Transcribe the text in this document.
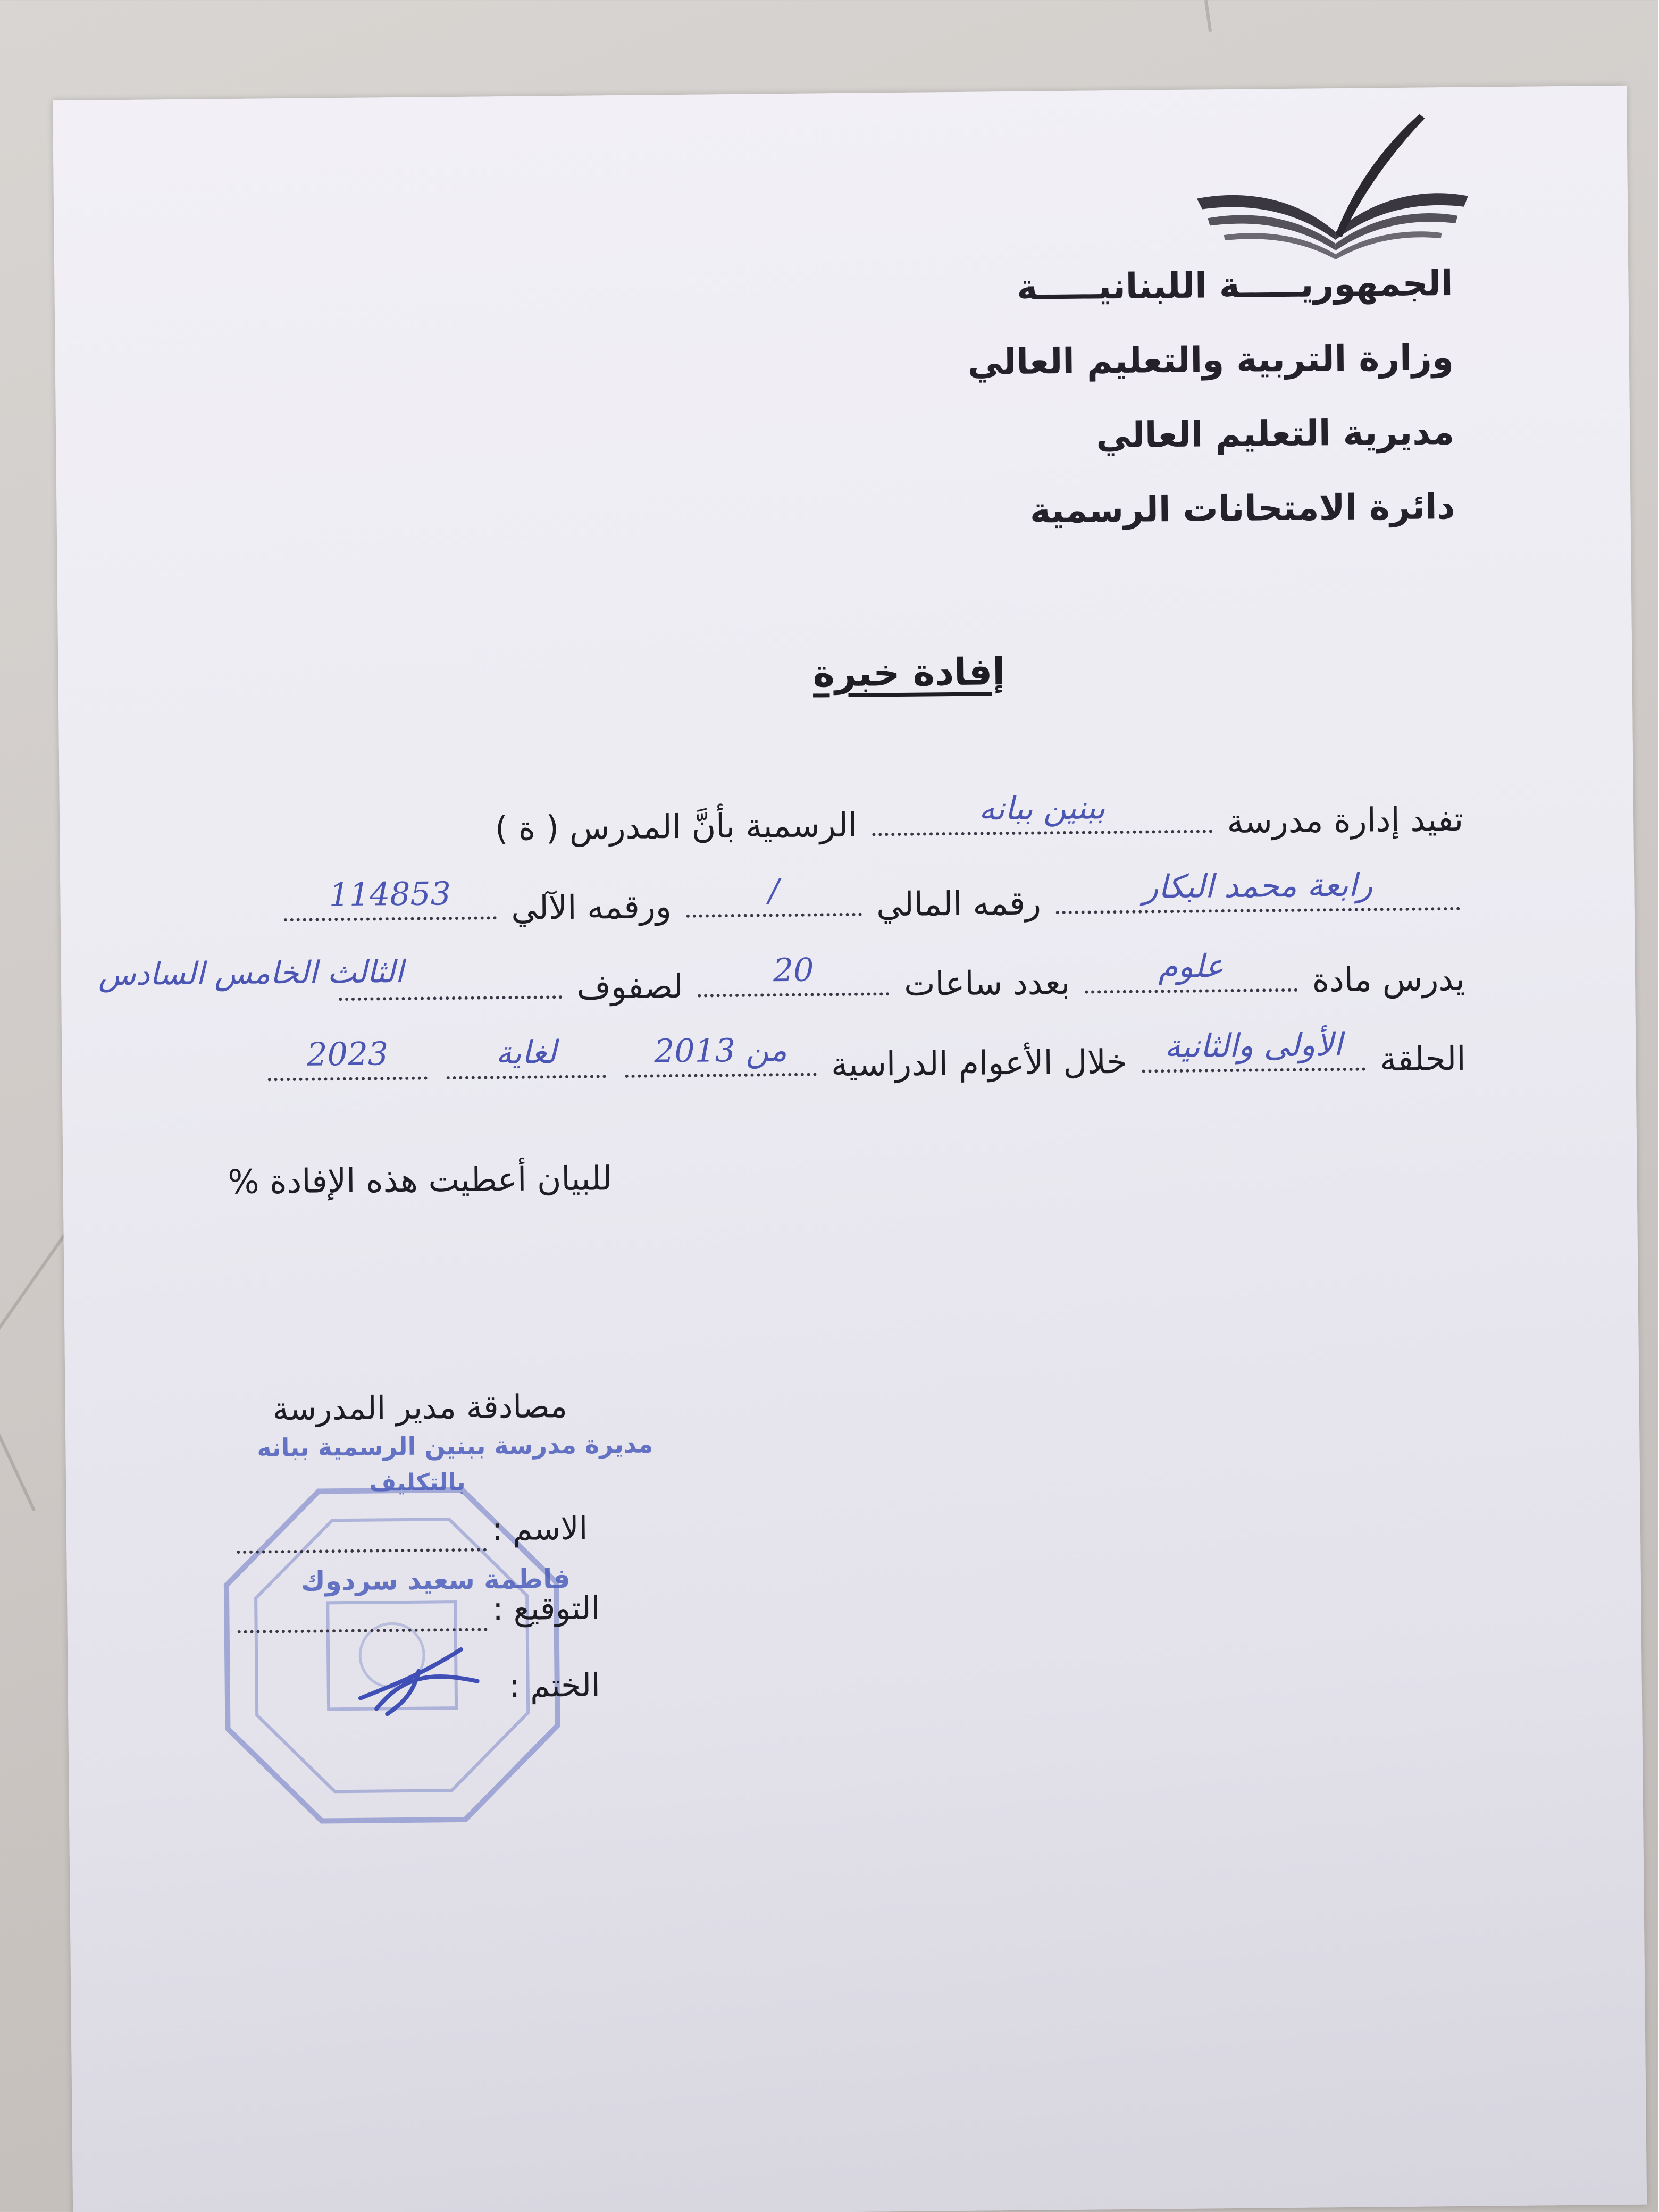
الجمهوريـــــة اللبنانيـــــة
وزارة التربية والتعليم العالي
مديرية التعليم العالي
دائرة الامتحانات الرسمية
إفادة خبرة
تفيد إدارة مدرسة
ببنين ببانه
الرسمية بأنَّ المدرس ( ة )
رابعة محمد البكار
رقمه المالي
/
ورقمه الآلي
114853
يدرس مادة
علوم
بعدد ساعات
20
لصفوف
الثالث الخامس السادس
الحلقة
الأولى والثانية
خلال الأعوام الدراسية
من 2013

لغاية

2023
للبيان أعطيت هذه الإفادة %
مصادقة مدير المدرسة
مديرة مدرسة ببنين الرسمية ببانه
بالتكليف
الاسم :
فاطمة سعيد سردوك
التوقيع :
الختم :
